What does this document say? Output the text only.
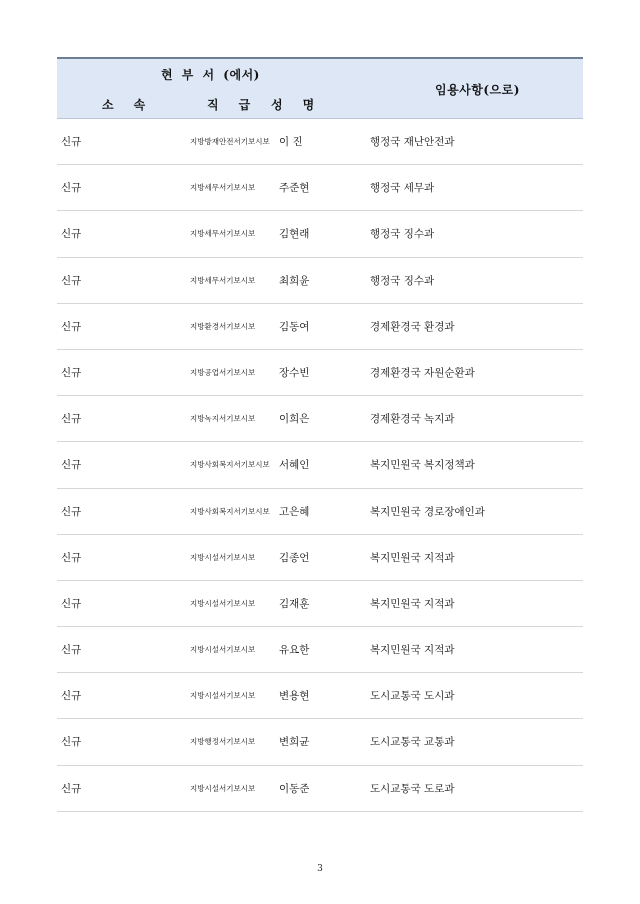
현 부 서 (에서)
소속	직급 성명
임용사항(으로)
신규	지방방재안전서기보시보 이 진	행정국 재난안전과
신규	지방세무서기보시보 주준현	행정국 세무과
신규	지방세무서기보시보 김현래	행정국 징수과
신규	지방세무서기보시보 최희윤	행정국 징수과
신규	지방환경서기보시보 김동여	경제환경국 환경과
신규	지방공업서기보시보 장수빈	경제환경국 자원순환과
신규	지방녹지서기보시보 이희은	경제환경국 녹지과
신규	지방사회복지서기보시보 서혜인	복지민원국 복지정책과
신규	지방사회복지서기보시보 고은혜	복지민원국 경로장애인과
신규	지방시설서기보시보 김종언	복지민원국 지적과
신규	지방시설서기보시보 김재훈	복지민원국 지적과
신규	지방시설서기보시보 유요한	복지민원국 지적과
신규	지방시설서기보시보 변용현	도시교통국 도시과
신규	지방행정서기보시보 변희균	도시교통국 교통과
신규	지방시설서기보시보 이동준	도시교통국 도로과
3
